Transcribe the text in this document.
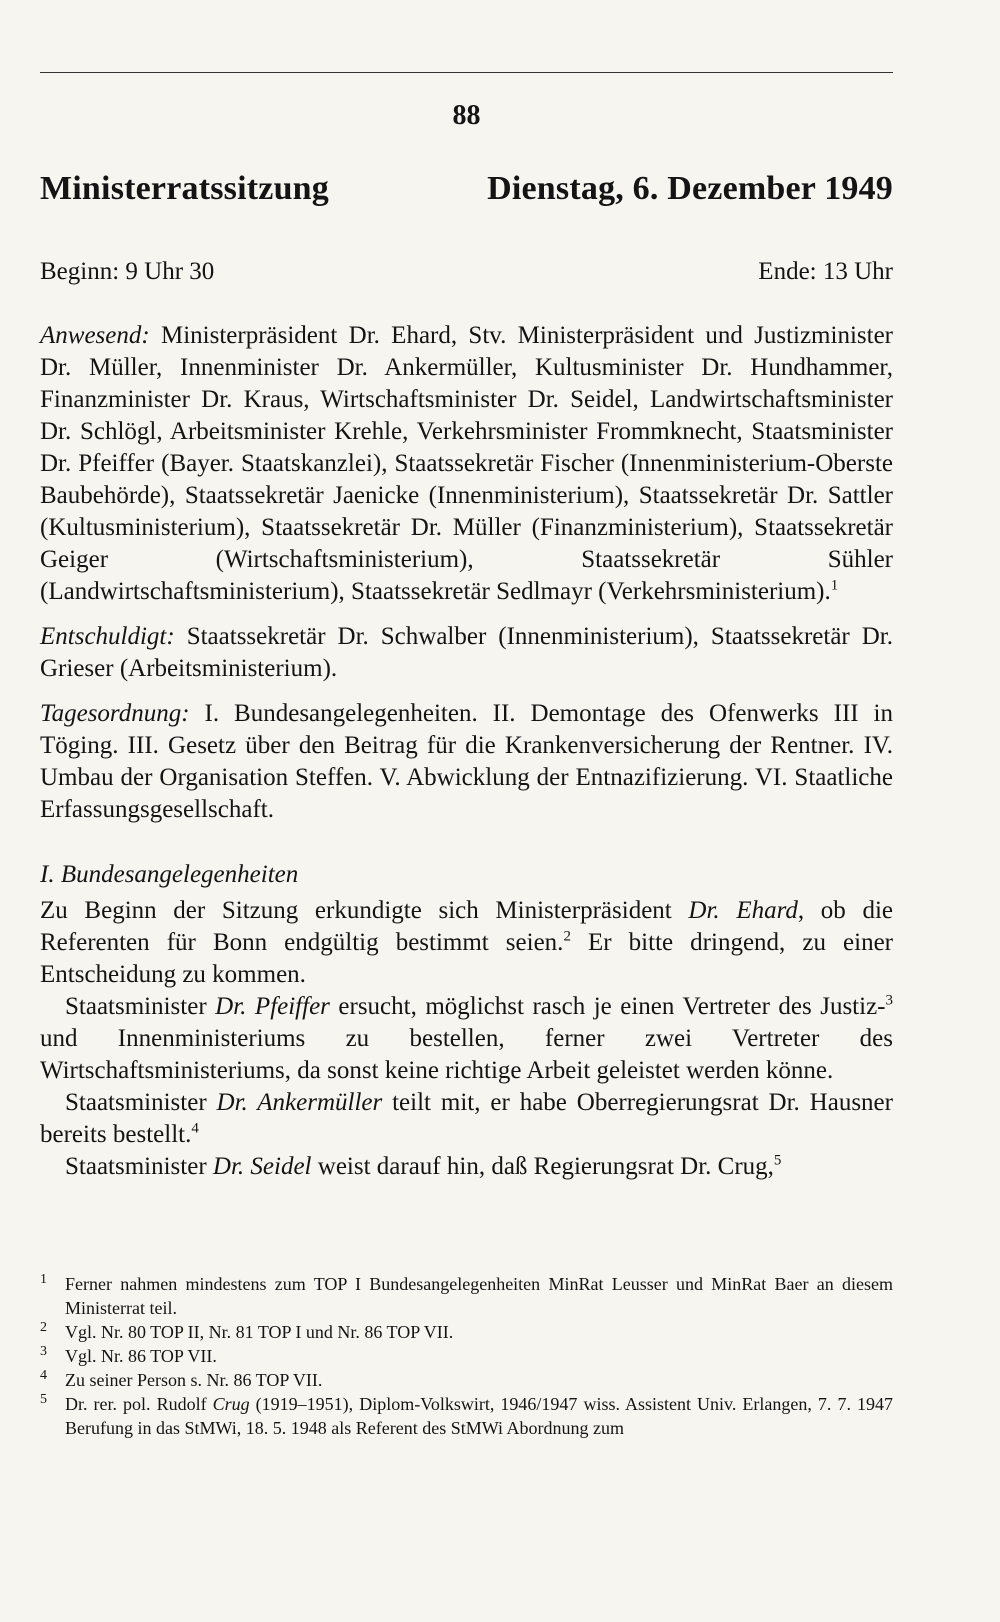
88
Ministerratssitzung	Dienstag, 6. Dezember 1949
Beginn: 9 Uhr 30	Ende: 13 Uhr

Anwesend: Ministerpräsident Dr. Ehard, Stv. Ministerpräsident und Justizminister Dr. Müller, Innenminister Dr. Ankermüller, Kultusminister Dr. Hundhammer, Finanzminister Dr. Kraus, Wirtschaftsminister Dr. Seidel, Landwirtschaftsminister Dr. Schlögl, Arbeitsminister Krehle, Verkehrsminister Frommknecht, Staatsminister Dr. Pfeiffer (Bayer. Staatskanzlei), Staatssekretär Fischer (Innenministerium-Oberste Baubehörde), Staatssekretär Jaenicke (Innenministerium), Staatssekretär Dr. Sattler (Kultusministerium), Staatssekretär Dr. Müller (Finanzministerium), Staatssekretär Geiger (Wirtschaftsministerium), Staatssekretär Sühler (Landwirtschaftsministerium), Staatssekretär Sedlmayr (Verkehrsministerium).$^1$

Entschuldigt: Staatssekretär Dr. Schwalber (Innenministerium), Staatssekretär Dr. Grieser (Arbeitsministerium).

Tagesordnung: I. Bundesangelegenheiten. II. Demontage des Ofenwerks III in Töging. III. Gesetz über den Beitrag für die Krankenversicherung der Rentner. IV. Umbau der Organisation Steffen. V. Abwicklung der Entnazifizierung. VI. Staatliche Erfassungsgesellschaft.

I. Bundesangelegenheiten

Zu Beginn der Sitzung erkundigte sich Ministerpräsident Dr. Ehard, ob die Referenten für Bonn endgültig bestimmt seien.$^2$ Er bitte dringend, zu einer Entscheidung zu kommen.

Staatsminister Dr. Pfeiffer ersucht, möglichst rasch je einen Vertreter des Justiz-$^3$ und Innenministeriums zu bestellen, ferner zwei Vertreter des Wirtschaftsministeriums, da sonst keine richtige Arbeit geleistet werden könne.

Staatsminister Dr. Ankermüller teilt mit, er habe Oberregierungsrat Dr. Hausner bereits bestellt.$^4$

Staatsminister Dr. Seidel weist darauf hin, daß Regierungsrat Dr. Crug,$^5$

1	Ferner nahmen mindestens zum TOP I Bundesangelegenheiten MinRat Leusser und MinRat Baer an diesem Ministerrat teil.
2	Vgl. Nr. 80 TOP II, Nr. 81 TOP I und Nr. 86 TOP VII.
3	Vgl. Nr. 86 TOP VII.
4	Zu seiner Person s. Nr. 86 TOP VII.
5	Dr. rer. pol. Rudolf Crug (1919–1951), Diplom-Volkswirt, 1946/1947 wiss. Assistent Univ. Erlangen, 7. 7. 1947 Berufung in das StMWi, 18. 5. 1948 als Referent des StMWi Abordnung zum
